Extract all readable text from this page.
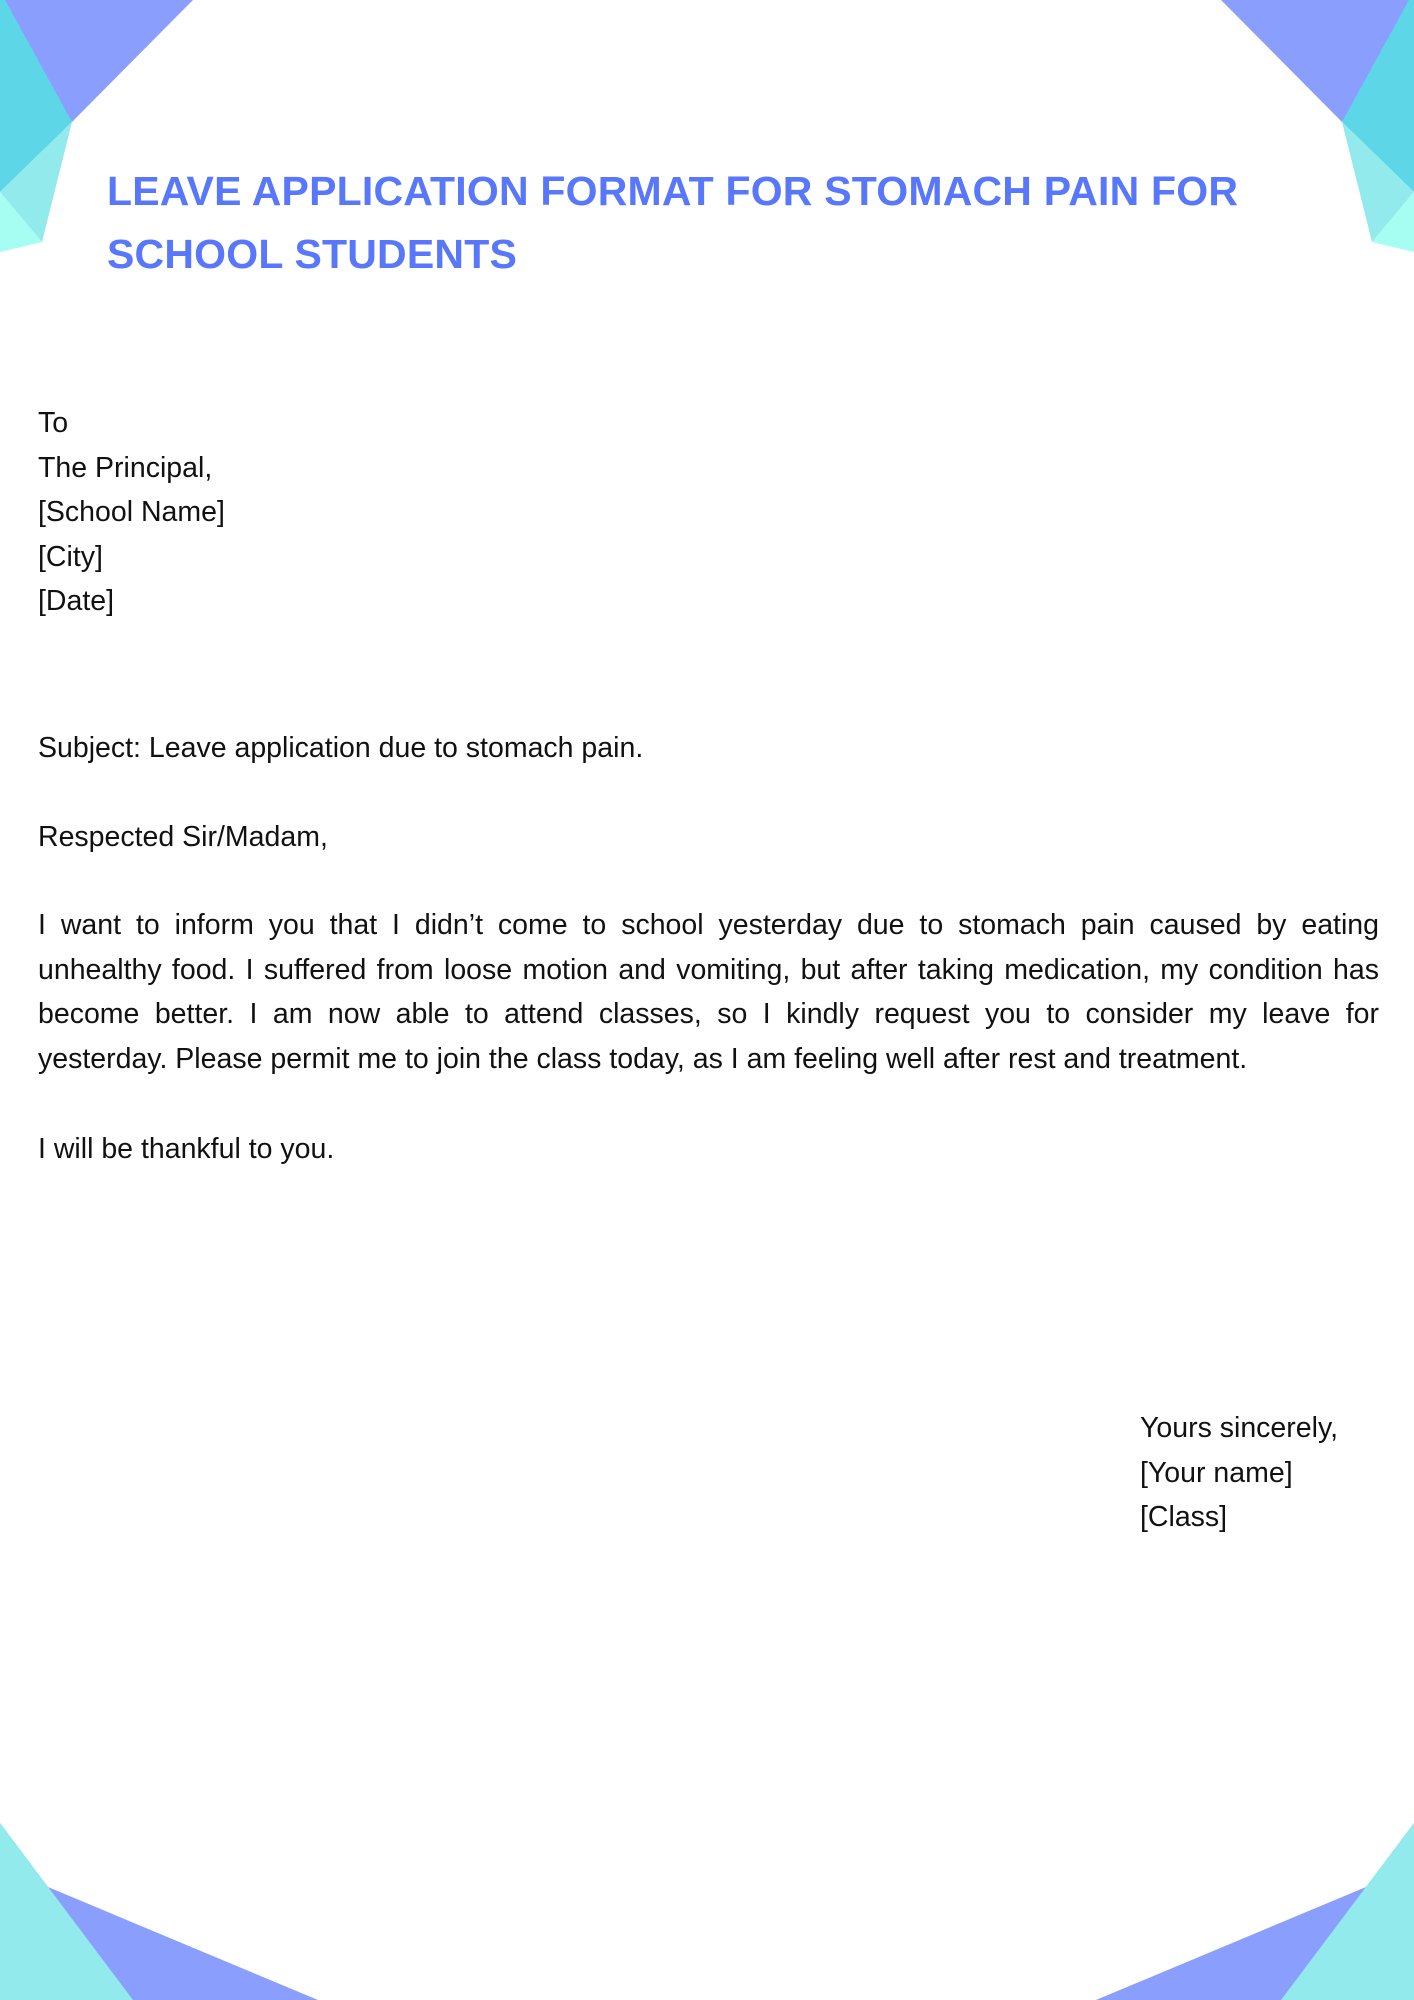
LEAVE APPLICATION FORMAT FOR STOMACH PAIN FOR SCHOOL STUDENTS
To
The Principal,
[School Name]
[City]
[Date]
Subject: Leave application due to stomach pain.
Respected Sir/Madam,

I want to inform you that I didn’t come to school yesterday due to stomach pain caused by eating unhealthy food. I suffered from loose motion and vomiting, but after taking medication, my condition has become better. I am now able to attend classes, so I kindly request you to consider my leave for yesterday. Please permit me to join the class today, as I am feeling well after rest and treatment.

I will be thankful to you.
Yours sincerely,
[Your name]
[Class]
